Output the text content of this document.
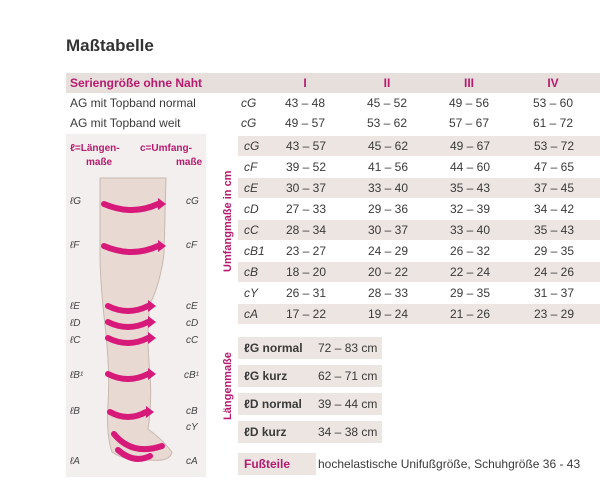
Maßtabelle
Seriengröße ohne Naht	I	II	III	IV
AG mit Topband normal	cG	43 – 48	45 – 52	49 – 56	53 – 60
AG mit Topband weit	cG	49 – 57	53 – 62	57 – 67	61 – 72
ℓ=Längen-
maße
c=Umfang-
maße
ℓG
ℓF
ℓE
ℓD
ℓC
ℓB¹
ℓB
ℓA
cG
cF
cE
cD
cC
cB¹
cB
cY
cA
Umfangmaße in cm
cG	43 – 57	45 – 62	49 – 67	53 – 72
cF	39 – 52	41 – 56	44 – 60	47 – 65
cE	30 – 37	33 – 40	35 – 43	37 – 45
cD	27 – 33	29 – 36	32 – 39	34 – 42
cC	28 – 34	30 – 37	33 – 40	35 – 43
cB1	23 – 27	24 – 29	26 – 32	29 – 35
cB	18 – 20	20 – 22	22 – 24	24 – 26
cY	26 – 31	28 – 33	29 – 35	31 – 37
cA	17 – 22	19 – 24	21 – 26	23 – 29
Längenmaße
ℓG normal 72 – 83 cm
ℓG kurz	62 – 71 cm
ℓD normal 39 – 44 cm
ℓD kurz	34 – 38 cm
Fußteile	hochelastische Unifußgröße, Schuhgröße 36 - 43
